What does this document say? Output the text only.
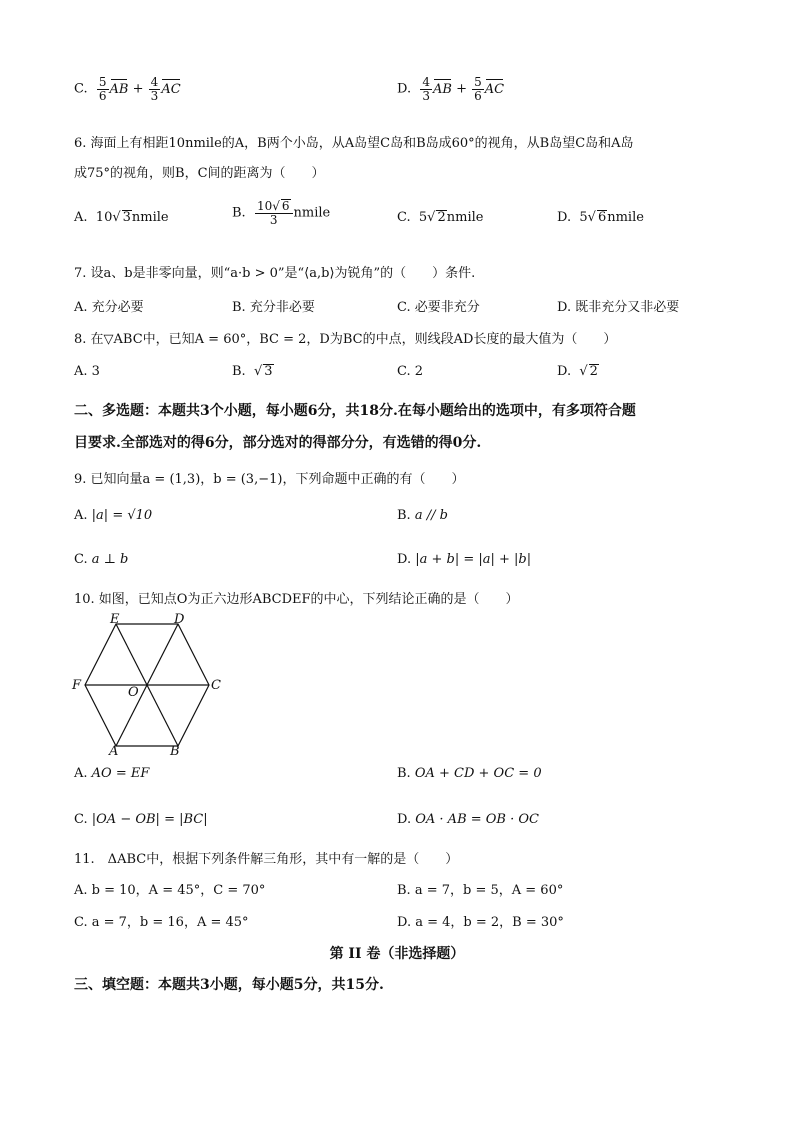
C. $\frac{5}{6}$ AB + $\frac{4}{3}$ AC	D. $\frac{4}{3}$ AB + $\frac{5}{6}$ AC
6. 海面上有相距10nmile的A，B两个小岛，从A岛望C岛和B岛成60°的视角，从B岛望C岛和A岛
成75°的视角，则B，C间的距离为（　　）
A. 10√ 3nmile	B. $\frac{10√ 6}{3}$ nmile	C. 5√ 2nmile	D. 5√ 6nmile
7. 设a、b是非零向量，则“a·b > 0”是“⟨a,b⟩为锐角”的（　　）条件.
A. 充分必要	B. 充分非必要	C. 必要非充分	D. 既非充分又非必要
8. 在▽ABC中，已知A = 60°，BC = 2，D为BC的中点，则线段AD长度的最大值为（　　）
A. 3	B.  √ 3	C. 2	D.  √ 2
二、多选题：本题共3个小题，每小题6分，共18分.在每小题给出的选项中，有多项符合题
目要求.全部选对的得6分，部分选对的得部分分，有选错的得0分.
9. 已知向量a = (1,3)，b = (3,−1)，下列命题中正确的有（　　）
A. |a| = √10	B. a // b
C. a ⊥ b	D. |a + b| = |a| + |b|
10. 如图，已知点O为正六边形ABCDEF的中心，下列结论正确的是（　　）
E	D
F	O	C
A	B
A. AO = EF	B. OA + CD + OC = 0
C. |OA − OB| = |BC|	D. OA · AB = OB · OC
11.　ΔABC中，根据下列条件解三角形，其中有一解的是（　　）
A. b = 10，A = 45°，C = 70°	B. a = 7，b = 5，A = 60°
C. a = 7，b = 16，A = 45°	D. a = 4，b = 2，B = 30°
第 II 卷（非选择题）
三、填空题：本题共3小题，每小题5分，共15分.
